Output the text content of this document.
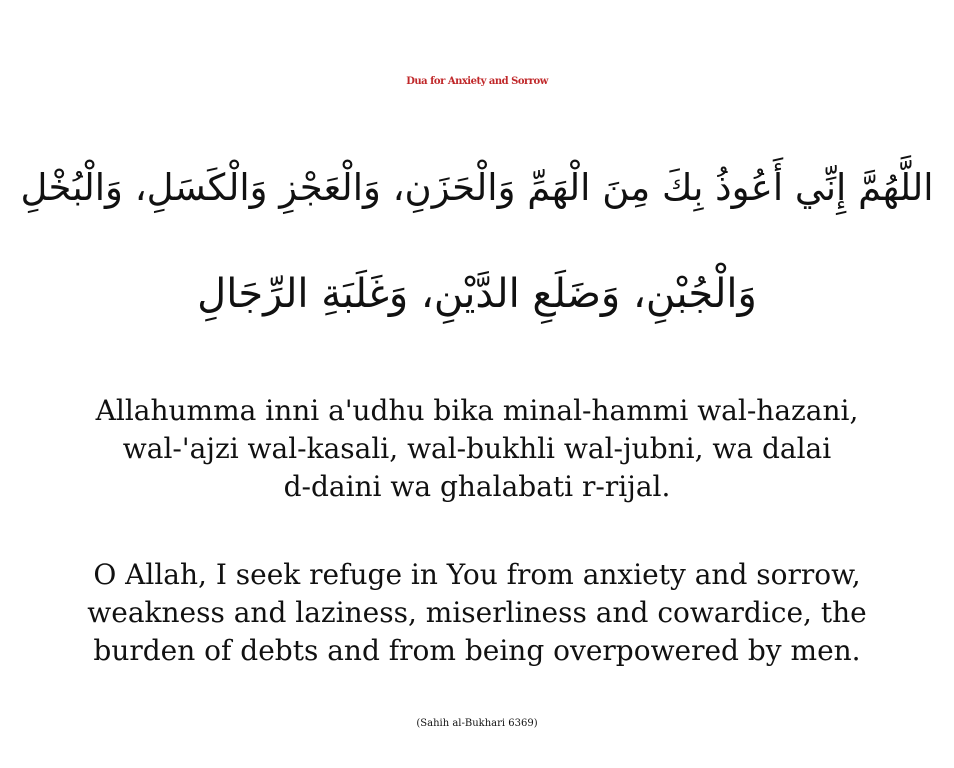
Dua for Anxiety and Sorrow
اللَّهُمَّ إِنِّي أَعُوذُ بِكَ مِنَ الْهَمِّ وَالْحَزَنِ، وَالْعَجْزِ وَالْكَسَلِ، وَالْبُخْلِ
وَالْجُبْنِ، وَضَلَعِ الدَّيْنِ، وَغَلَبَةِ الرِّجَالِ
Allahumma inni a'udhu bika minal-hammi wal-hazani,
wal-'ajzi wal-kasali, wal-bukhli wal-jubni, wa dalai
d-daini wa ghalabati r-rijal.
O Allah, I seek refuge in You from anxiety and sorrow,
weakness and laziness, miserliness and cowardice, the
burden of debts and from being overpowered by men.
(Sahih al-Bukhari 6369)
